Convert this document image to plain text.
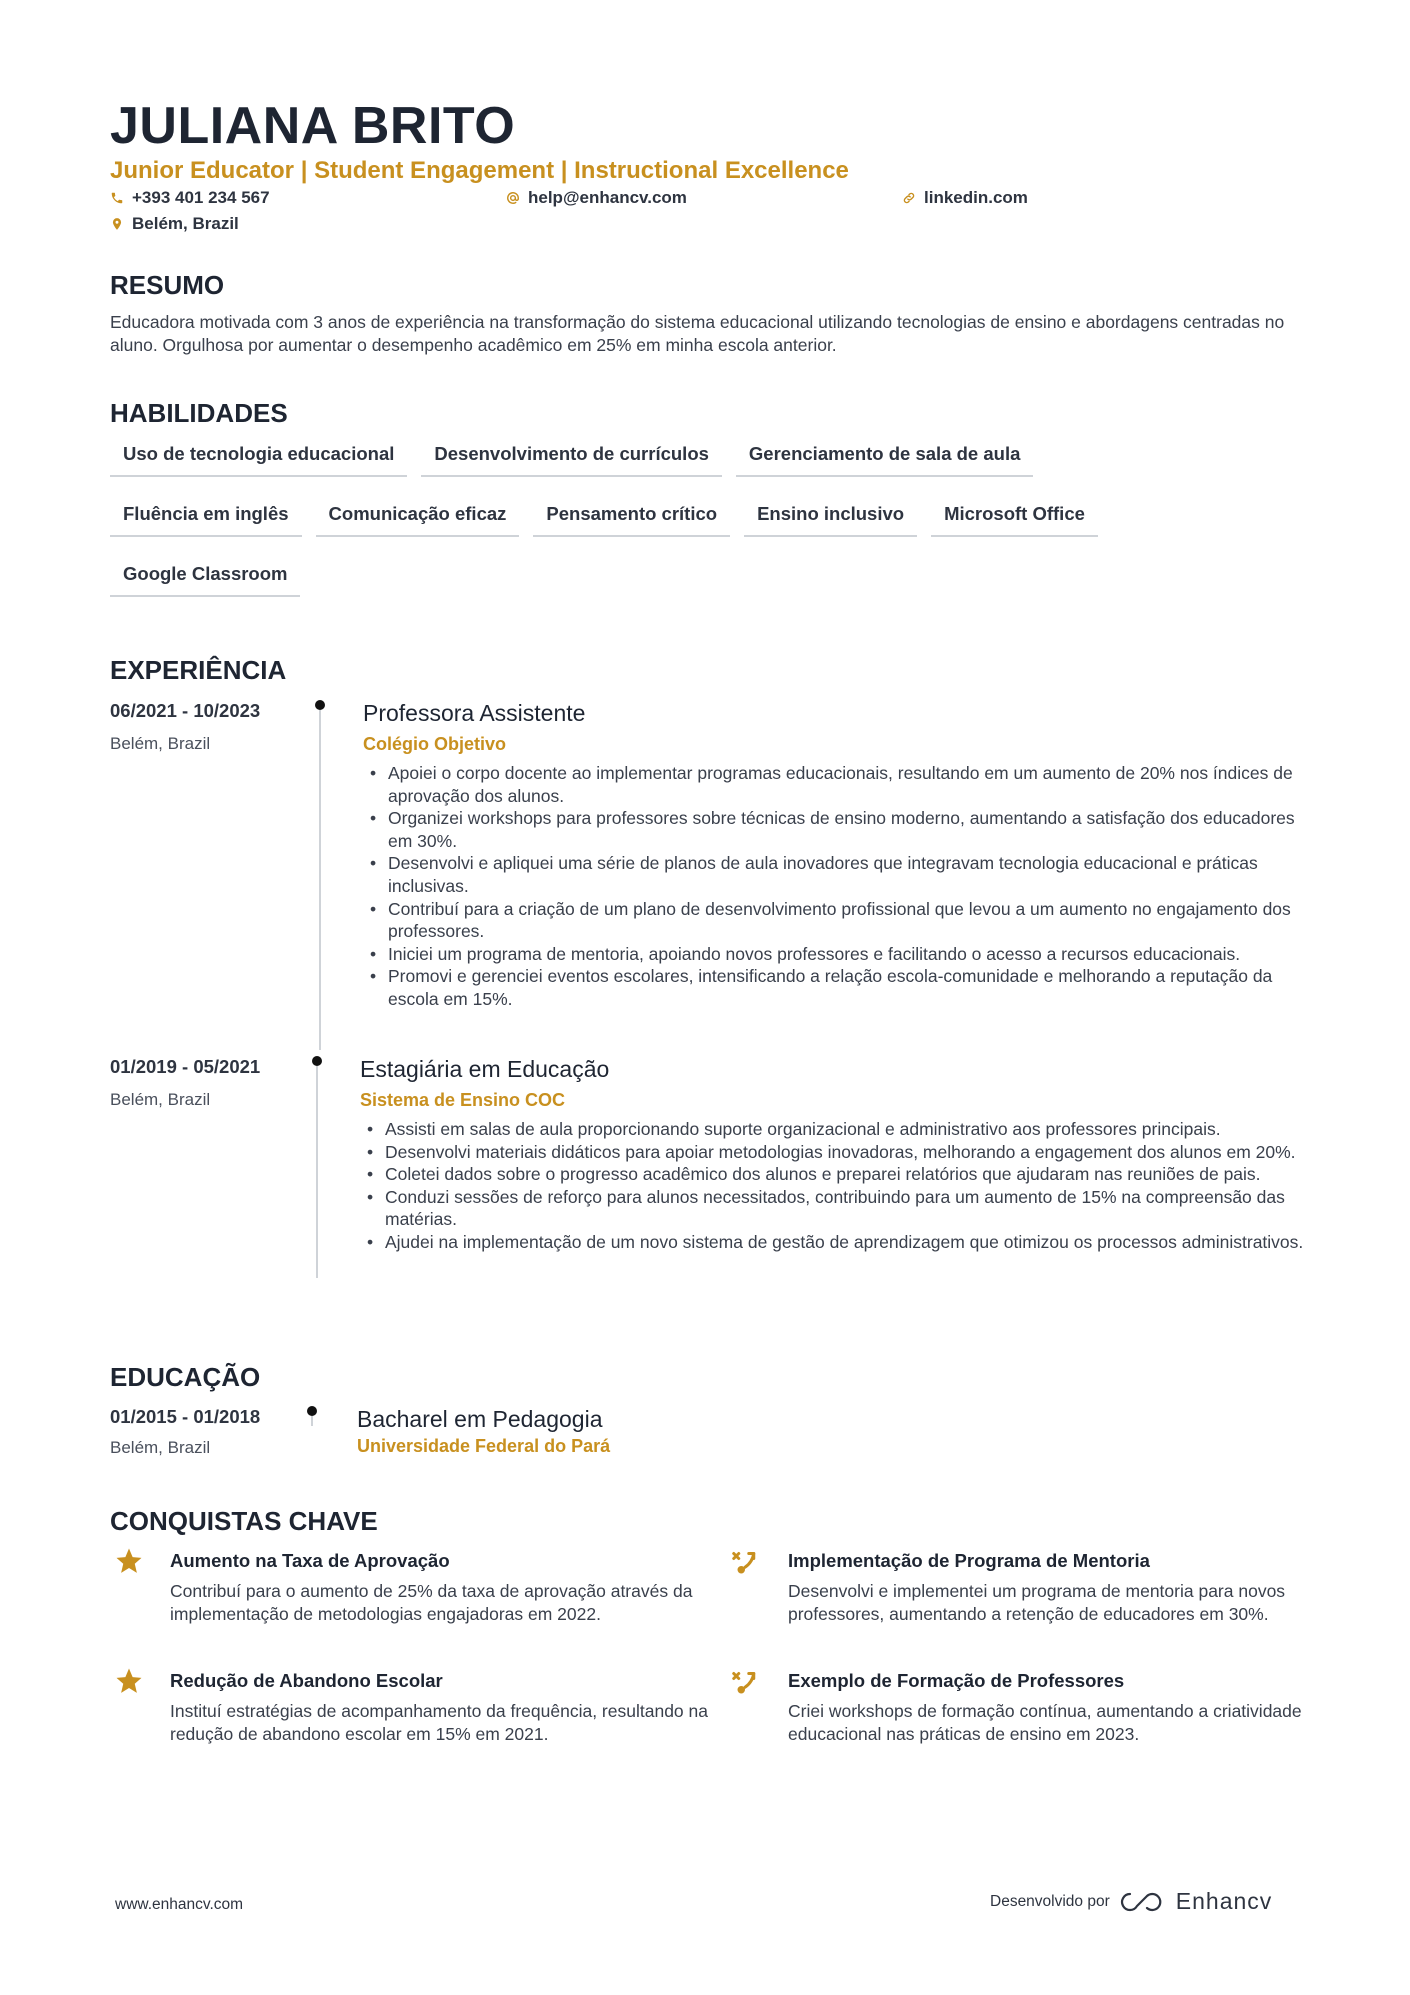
JULIANA BRITO
Junior Educator | Student Engagement | Instructional Excellence
+393 401 234 567	help@enhancv.com	linkedin.com
Belém, Brazil
RESUMO
Educadora motivada com 3 anos de experiência na transformação do sistema educacional utilizando tecnologias de ensino e abordagens centradas no aluno. Orgulhosa por aumentar o desempenho acadêmico em 25% em minha escola anterior.
HABILIDADES
Uso de tecnologia educacional	Desenvolvimento de currículos	Gerenciamento de sala de aula
Fluência em inglês	Comunicação eficaz	Pensamento crítico	Ensino inclusivo	Microsoft Office
Google Classroom
EXPERIÊNCIA
06/2021 - 10/2023
Belém, Brazil
Professora Assistente
Colégio Objetivo
• Apoiei o corpo docente ao implementar programas educacionais, resultando em um aumento de 20% nos índices de aprovação dos alunos.
• Organizei workshops para professores sobre técnicas de ensino moderno, aumentando a satisfação dos educadores em 30%.
• Desenvolvi e apliquei uma série de planos de aula inovadores que integravam tecnologia educacional e práticas inclusivas.
• Contribuí para a criação de um plano de desenvolvimento profissional que levou a um aumento no engajamento dos professores.
• Iniciei um programa de mentoria, apoiando novos professores e facilitando o acesso a recursos educacionais.
• Promovi e gerenciei eventos escolares, intensificando a relação escola-comunidade e melhorando a reputação da escola em 15%.
01/2019 - 05/2021
Belém, Brazil
Estagiária em Educação
Sistema de Ensino COC
• Assisti em salas de aula proporcionando suporte organizacional e administrativo aos professores principais.
• Desenvolvi materiais didáticos para apoiar metodologias inovadoras, melhorando a engagement dos alunos em 20%.
• Coletei dados sobre o progresso acadêmico dos alunos e preparei relatórios que ajudaram nas reuniões de pais.
• Conduzi sessões de reforço para alunos necessitados, contribuindo para um aumento de 15% na compreensão das matérias.
• Ajudei na implementação de um novo sistema de gestão de aprendizagem que otimizou os processos administrativos.
EDUCAÇÃO
01/2015 - 01/2018
Belém, Brazil
Bacharel em Pedagogia
Universidade Federal do Pará
CONQUISTAS CHAVE
Aumento na Taxa de Aprovação
Contribuí para o aumento de 25% da taxa de aprovação através da implementação de metodologias engajadoras em 2022.
Implementação de Programa de Mentoria
Desenvolvi e implementei um programa de mentoria para novos professores, aumentando a retenção de educadores em 30%.
Redução de Abandono Escolar
Instituí estratégias de acompanhamento da frequência, resultando na redução de abandono escolar em 15% em 2021.
Exemplo de Formação de Professores
Criei workshops de formação contínua, aumentando a criatividade educacional nas práticas de ensino em 2023.
www.enhancv.com	Desenvolvido por	Enhancv
